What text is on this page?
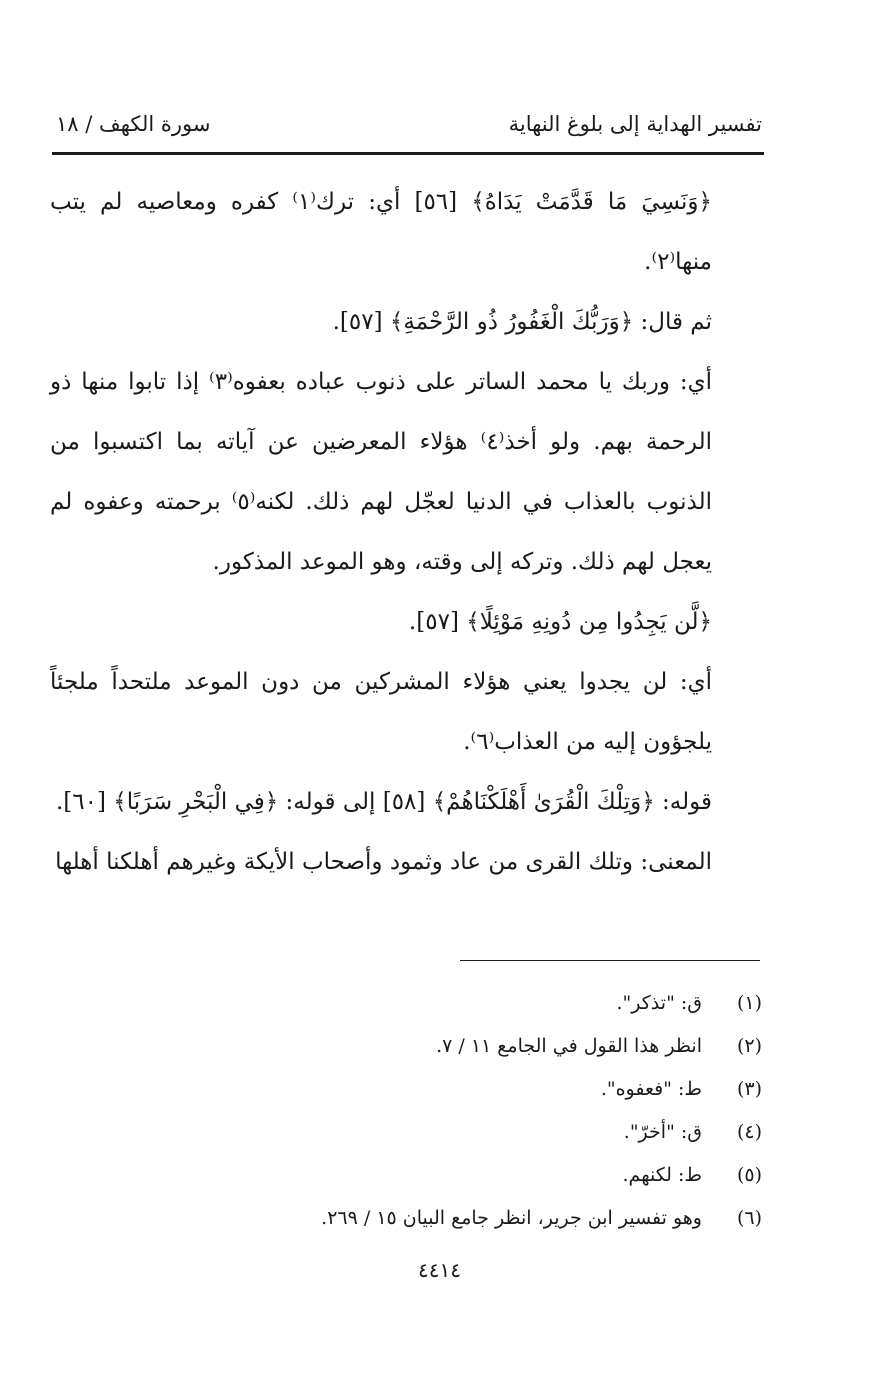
تفسير الهداية إلى بلوغ النهاية
سورة الكهف / ١٨

﴿وَنَسِيَ مَا قَدَّمَتْ يَدَاهُ﴾ [٥٦] أي: ترك⁽١⁾ كفره ومعاصيه لم يتب منها⁽٢⁾.

ثم قال: ﴿وَرَبُّكَ الْغَفُورُ ذُو الرَّحْمَةِ﴾ [٥٧].

أي: وربك يا محمد الساتر على ذنوب عباده بعفوه⁽٣⁾ إذا تابوا منها ذو الرحمة بهم. ولو أخذ⁽٤⁾ هؤلاء المعرضين عن آياته بما اكتسبوا من الذنوب بالعذاب في الدنيا لعجّل لهم ذلك. لكنه⁽٥⁾ برحمته وعفوه لم يعجل لهم ذلك. وتركه إلى وقته، وهو الموعد المذكور.

﴿لَّن يَجِدُوا مِن دُونِهِ مَوْئِلًا﴾ [٥٧].

أي: لن يجدوا يعني هؤلاء المشركين من دون الموعد ملتحداً ملجئاً يلجؤون إليه من العذاب⁽٦⁾.

قوله: ﴿وَتِلْكَ الْقُرَىٰ أَهْلَكْنَاهُمْ﴾ [٥٨] إلى قوله: ﴿فِي الْبَحْرِ سَرَبًا﴾ [٦٠].

المعنى: وتلك القرى من عاد وثمود وأصحاب الأيكة وغيرهم أهلكنا أهلها

(١)
ق: "تذكر".
(٢)
انظر هذا القول في الجامع ١١ / ٧.
(٣)
ط: "فعفوه".
(٤)
ق: "أخرّ".
(٥)
ط: لكنهم.
(٦)
وهو تفسير ابن جرير، انظر جامع البيان ١٥ / ٢٦٩.
٤٤١٤
